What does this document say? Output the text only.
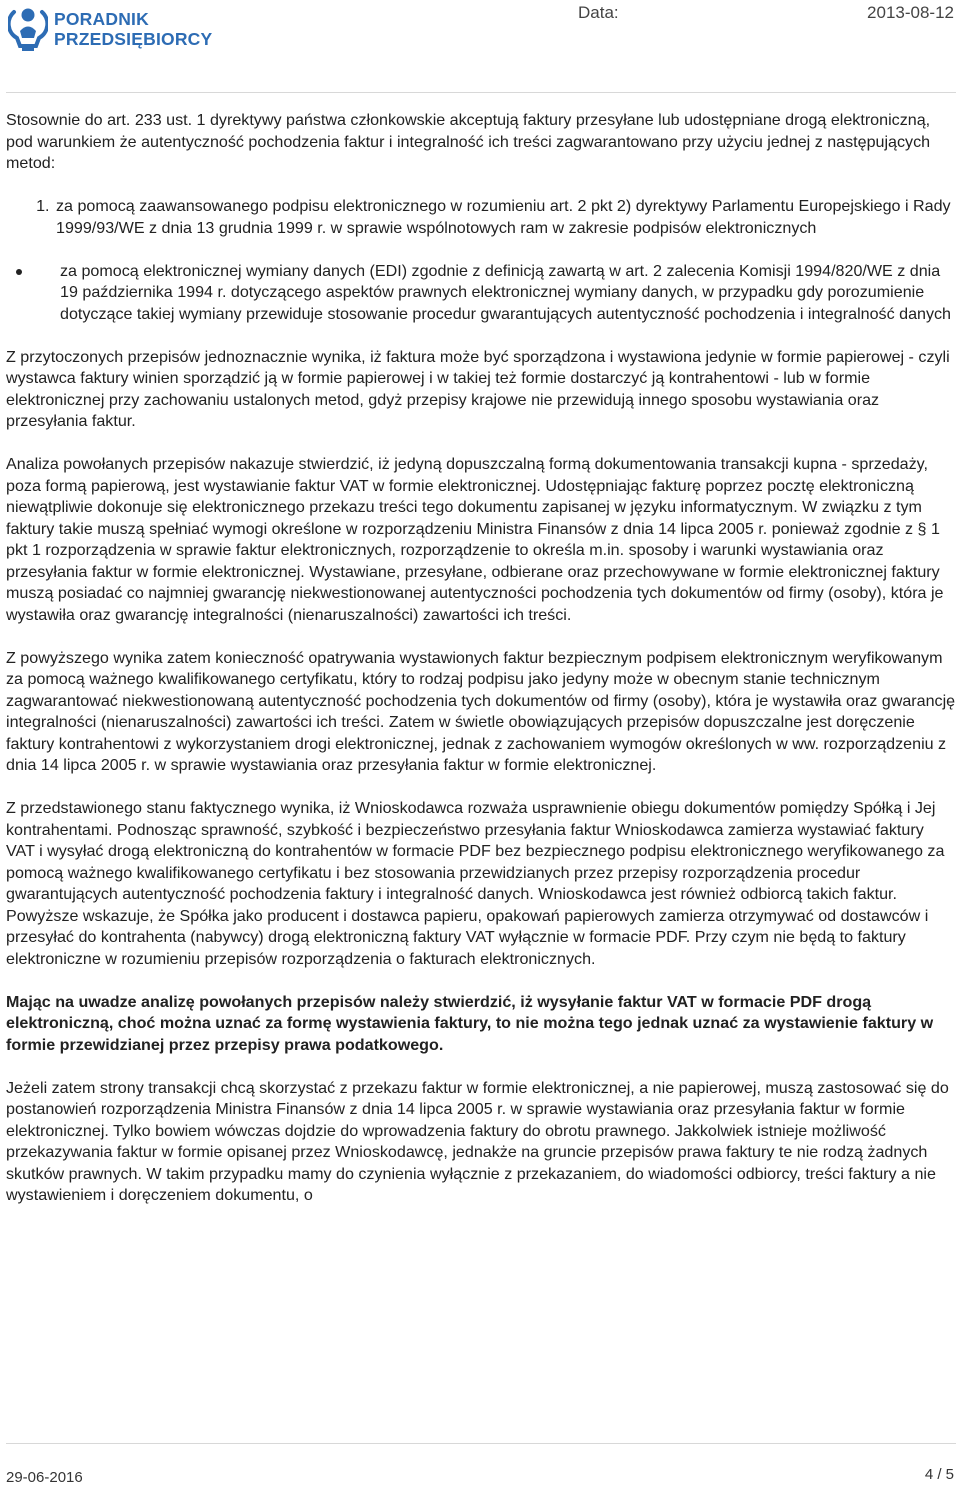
PORADNIK
PRZEDSIĘBIORCY
Data:	2013-08-12

Stosownie do art. 233 ust. 1 dyrektywy państwa członkowskie akceptują faktury przesyłane lub udostępniane drogą elektroniczną, pod warunkiem że autentyczność pochodzenia faktur i integralność ich treści zagwarantowano przy użyciu jednej z następujących metod:

1. za pomocą zaawansowanego podpisu elektronicznego w rozumieniu art. 2 pkt 2) dyrektywy Parlamentu Europejskiego i Rady 1999/93/WE z dnia 13 grudnia 1999 r. w sprawie wspólnotowych ram w zakresie podpisów elektronicznych
za pomocą elektronicznej wymiany danych (EDI) zgodnie z definicją zawartą w art. 2 zalecenia Komisji 1994/820/WE z dnia 19 października 1994 r. dotyczącego aspektów prawnych elektronicznej wymiany danych, w przypadku gdy porozumienie dotyczące takiej wymiany przewiduje stosowanie procedur gwarantujących autentyczność pochodzenia i integralność danych

Z przytoczonych przepisów jednoznacznie wynika, iż faktura może być sporządzona i wystawiona jedynie w formie papierowej - czyli wystawca faktury winien sporządzić ją w formie papierowej i w takiej też formie dostarczyć ją kontrahentowi - lub w formie elektronicznej przy zachowaniu ustalonych metod, gdyż przepisy krajowe nie przewidują innego sposobu wystawiania oraz przesyłania faktur.

Analiza powołanych przepisów nakazuje stwierdzić, iż jedyną dopuszczalną formą dokumentowania transakcji kupna - sprzedaży, poza formą papierową, jest wystawianie faktur VAT w formie elektronicznej. Udostępniając fakturę poprzez pocztę elektroniczną niewątpliwie dokonuje się elektronicznego przekazu treści tego dokumentu zapisanej w języku informatycznym. W związku z tym faktury takie muszą spełniać wymogi określone w rozporządzeniu Ministra Finansów z dnia 14 lipca 2005 r. ponieważ zgodnie z § 1 pkt 1 rozporządzenia w sprawie faktur elektronicznych, rozporządzenie to określa m.in. sposoby i warunki wystawiania oraz przesyłania faktur w formie elektronicznej. Wystawiane, przesyłane, odbierane oraz przechowywane w formie elektronicznej faktury muszą posiadać co najmniej gwarancję niekwestionowanej autentyczności pochodzenia tych dokumentów od firmy (osoby), która je wystawiła oraz gwarancję integralności (nienaruszalności) zawartości ich treści.

Z powyższego wynika zatem konieczność opatrywania wystawionych faktur bezpiecznym podpisem elektronicznym weryfikowanym za pomocą ważnego kwalifikowanego certyfikatu, który to rodzaj podpisu jako jedyny może w obecnym stanie technicznym zagwarantować niekwestionowaną autentyczność pochodzenia tych dokumentów od firmy (osoby), która je wystawiła oraz gwarancję integralności (nienaruszalności) zawartości ich treści. Zatem w świetle obowiązujących przepisów dopuszczalne jest doręczenie faktury kontrahentowi z wykorzystaniem drogi elektronicznej, jednak z zachowaniem wymogów określonych w ww. rozporządzeniu z dnia 14 lipca 2005 r. w sprawie wystawiania oraz przesyłania faktur w formie elektronicznej.

Z przedstawionego stanu faktycznego wynika, iż Wnioskodawca rozważa usprawnienie obiegu dokumentów pomiędzy Spółką i Jej kontrahentami. Podnosząc sprawność, szybkość i bezpieczeństwo przesyłania faktur Wnioskodawca zamierza wystawiać faktury VAT i wysyłać drogą elektroniczną do kontrahentów w formacie PDF bez bezpiecznego podpisu elektronicznego weryfikowanego za pomocą ważnego kwalifikowanego certyfikatu i bez stosowania przewidzianych przez przepisy rozporządzenia procedur gwarantujących autentyczność pochodzenia faktury i integralność danych. Wnioskodawca jest również odbiorcą takich faktur. Powyższe wskazuje, że Spółka jako producent i dostawca papieru, opakowań papierowych zamierza otrzymywać od dostawców i przesyłać do kontrahenta (nabywcy) drogą elektroniczną faktury VAT wyłącznie w formacie PDF. Przy czym nie będą to faktury elektroniczne w rozumieniu przepisów rozporządzenia o fakturach elektronicznych.

Mając na uwadze analizę powołanych przepisów należy stwierdzić, iż wysyłanie faktur VAT w formacie PDF drogą elektroniczną, choć można uznać za formę wystawienia faktury, to nie można tego jednak uznać za wystawienie faktury w formie przewidzianej przez przepisy prawa podatkowego.

Jeżeli zatem strony transakcji chcą skorzystać z przekazu faktur w formie elektronicznej, a nie papierowej, muszą zastosować się do postanowień rozporządzenia Ministra Finansów z dnia 14 lipca 2005 r. w sprawie wystawiania oraz przesyłania faktur w formie elektronicznej. Tylko bowiem wówczas dojdzie do wprowadzenia faktury do obrotu prawnego. Jakkolwiek istnieje możliwość przekazywania faktur w formie opisanej przez Wnioskodawcę, jednakże na gruncie przepisów prawa faktury te nie rodzą żadnych skutków prawnych. W takim przypadku mamy do czynienia wyłącznie z przekazaniem, do wiadomości odbiorcy, treści faktury a nie wystawieniem i doręczeniem dokumentu, o

29-06-2016	4 / 5
